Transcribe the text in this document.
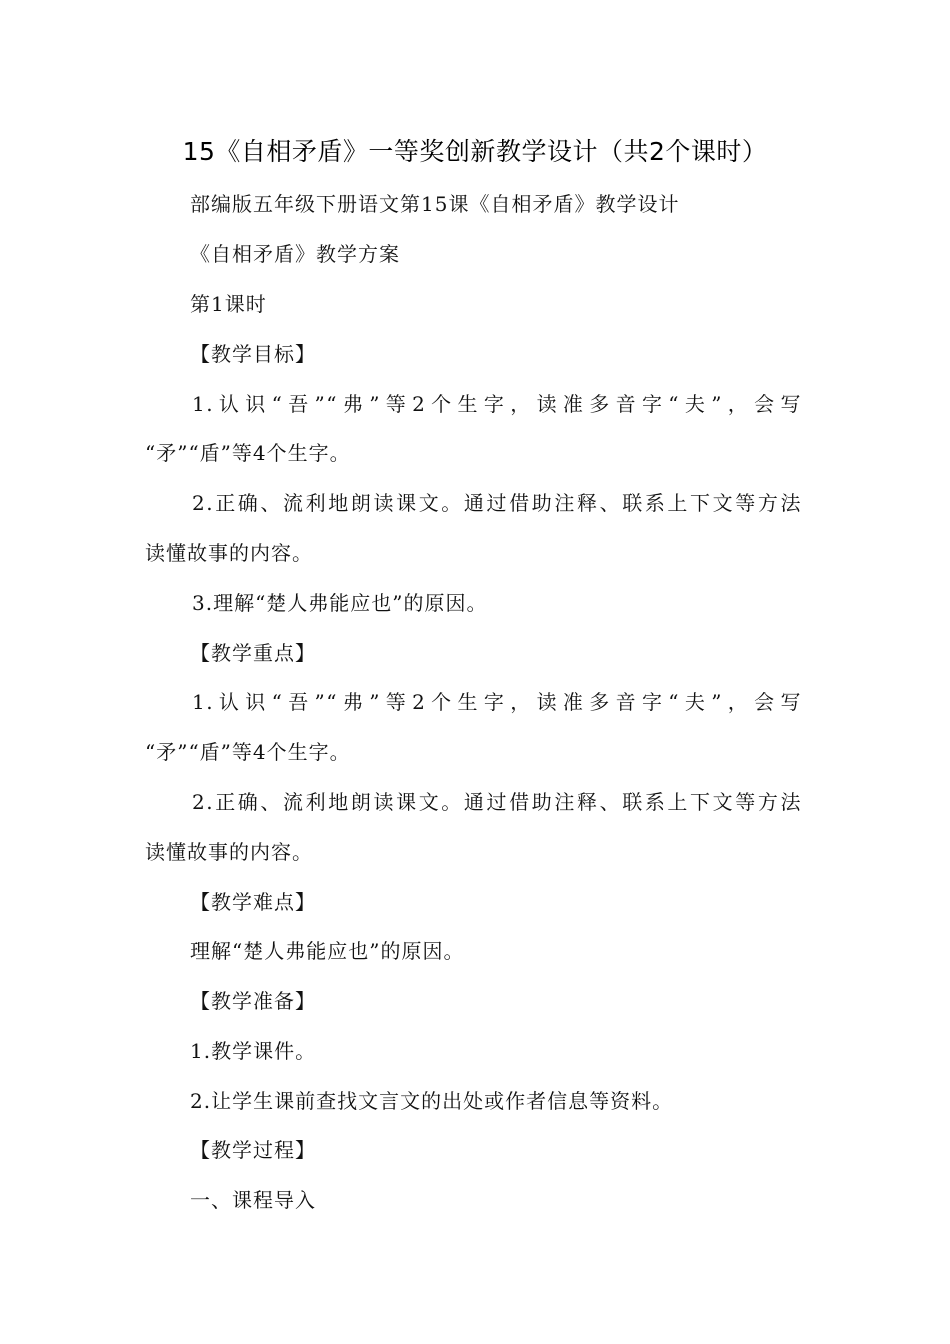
15《自相矛盾》一等奖创新教学设计（共2个课时）
部编版五年级下册语文第15课《自相矛盾》教学设计
《自相矛盾》教学方案
第1课时
【教学目标】
1.认识“吾”“弗”等2个生字，读准多音字“夫”，会写
“矛”“盾”等4个生字。
2.正确、流利地朗读课文。通过借助注释、联系上下文等方法
读懂故事的内容。
3.理解“楚人弗能应也”的原因。
【教学重点】
1.认识“吾”“弗”等2个生字，读准多音字“夫”，会写
“矛”“盾”等4个生字。
2.正确、流利地朗读课文。通过借助注释、联系上下文等方法
读懂故事的内容。
【教学难点】
理解“楚人弗能应也”的原因。
【教学准备】
1.教学课件。
2.让学生课前查找文言文的出处或作者信息等资料。
【教学过程】
一、课程导入
